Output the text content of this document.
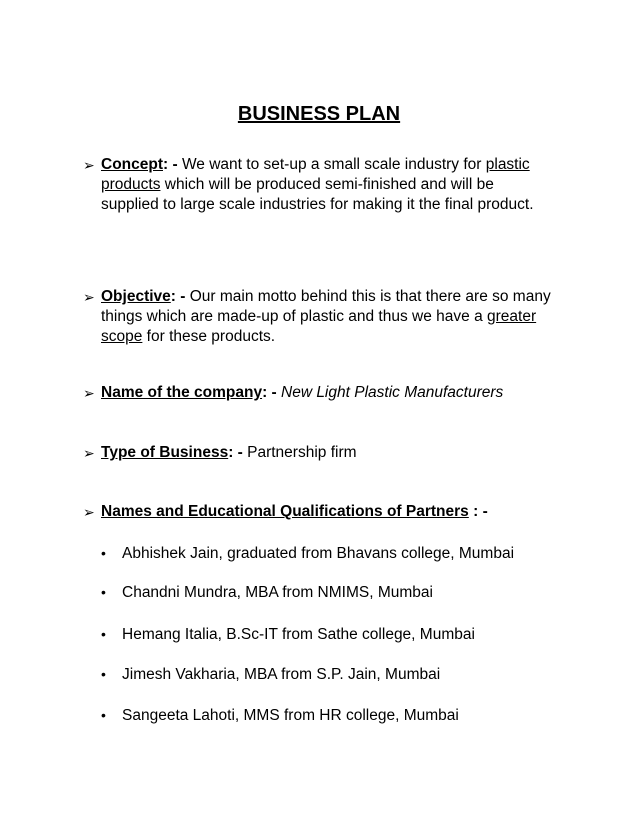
BUSINESS PLAN
➢ Concept: - We want to set-up a small scale industry for plastic products which will be produced semi-finished and will be supplied to large scale industries for making it the final product.
➢ Objective: - Our main motto behind this is that there are so many things which are made-up of plastic and thus we have a greater scope for these products.
➢ Name of the company: - New Light Plastic Manufacturers
➢ Type of Business: - Partnership firm
➢ Names and Educational Qualifications of Partners : -
• Abhishek Jain, graduated from Bhavans college, Mumbai
• Chandni Mundra, MBA from NMIMS, Mumbai
• Hemang Italia, B.Sc-IT from Sathe college, Mumbai
• Jimesh Vakharia, MBA from S.P. Jain, Mumbai
• Sangeeta Lahoti, MMS from HR college, Mumbai
